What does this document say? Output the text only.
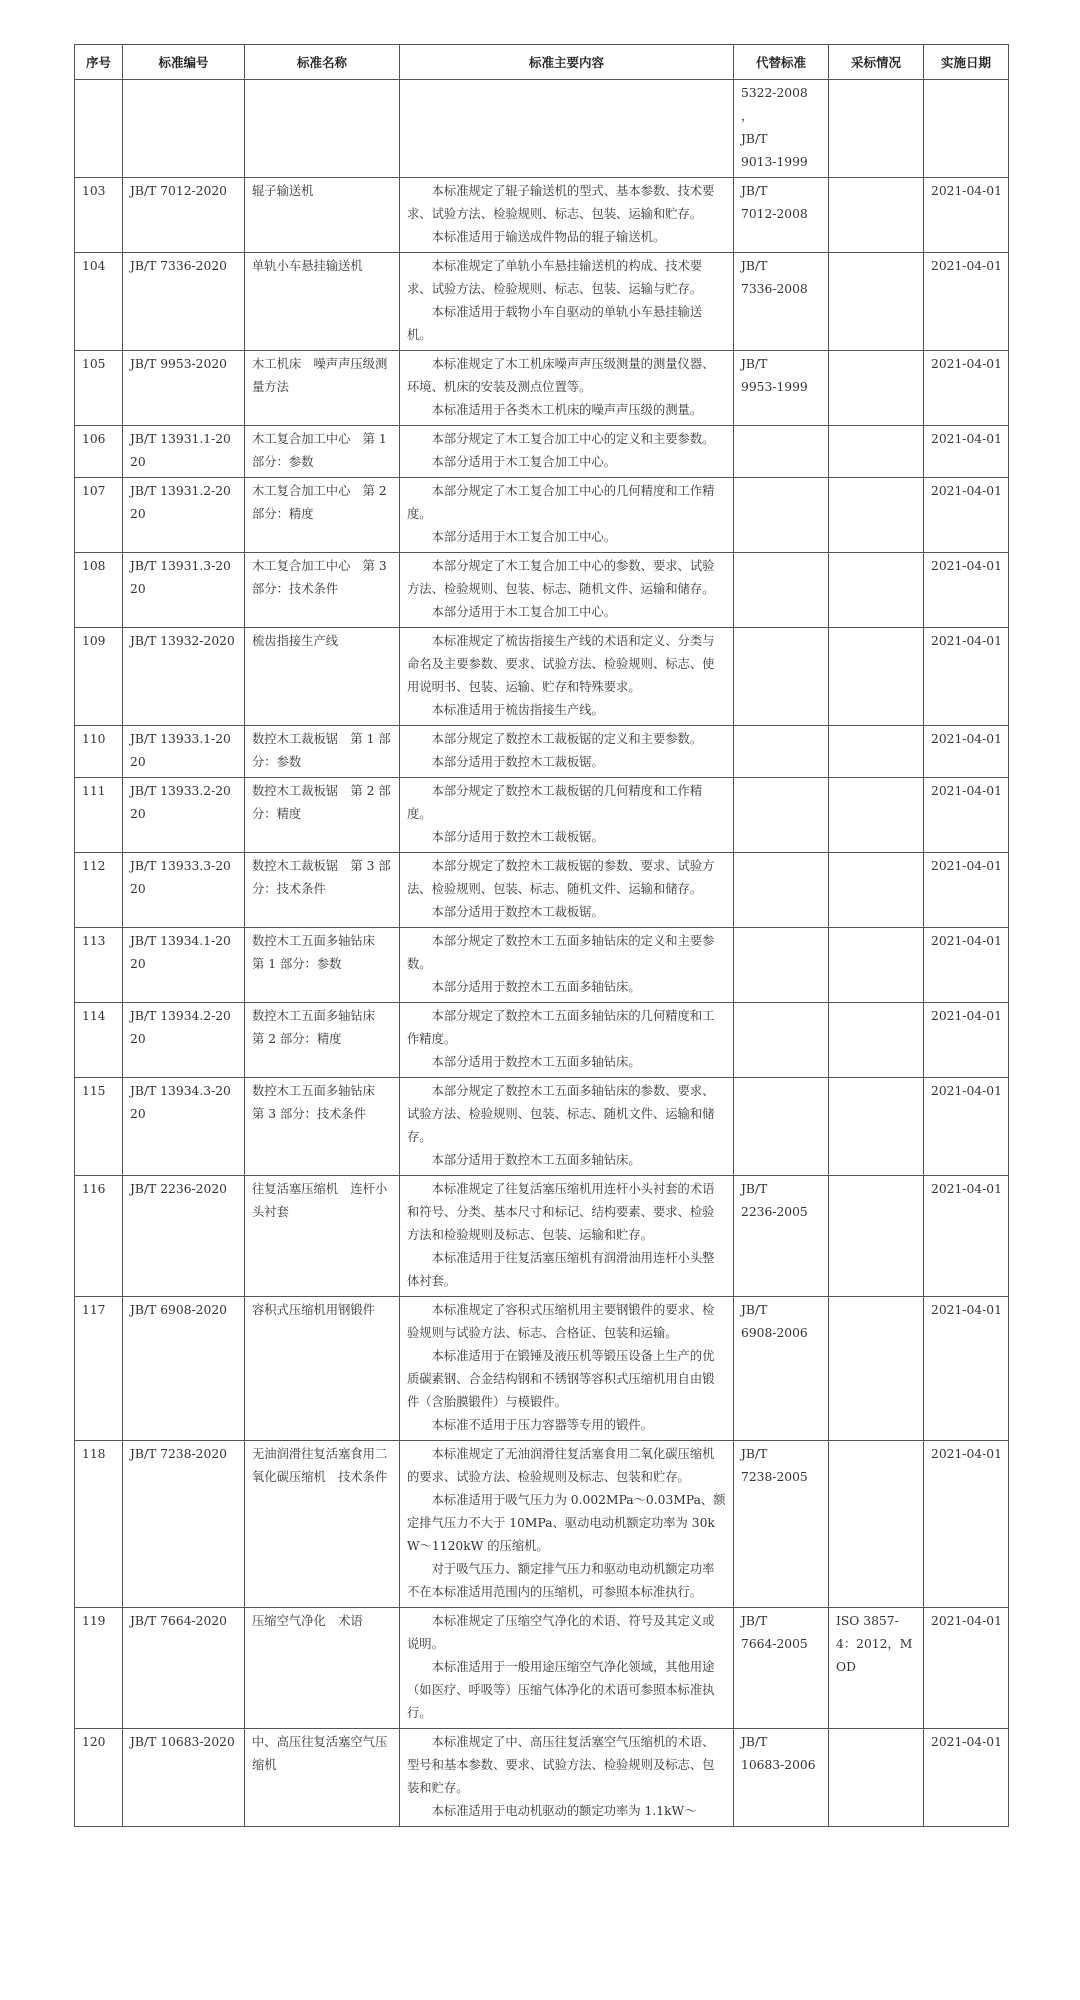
序号	标准编号	标准名称	标准主要内容	代替标准	采标情况	实施日期

				5322-2008 ，
JB/T
9013-1999		

103	JB/T 7012-2020	辊子输送机	本标准规定了辊子输送机的型式、基本参数、技术要求、试验方法、检验规则、标志、包装、运输和贮存。
本标准适用于输送成件物品的辊子输送机。	JB/T
7012-2008		2021-04-01
104	JB/T 7336-2020	单轨小车悬挂输送机	本标准规定了单轨小车悬挂输送机的构成、技术要求、试验方法、检验规则、标志、包装、运输与贮存。
本标准适用于载物小车自驱动的单轨小车悬挂输送机。	JB/T
7336-2008		2021-04-01
105	JB/T 9953-2020	木工机床　噪声声压级测量方法	本标准规定了木工机床噪声声压级测量的测量仪器、环境、机床的安装及测点位置等。
本标准适用于各类木工机床的噪声声压级的测量。	JB/T
9953-1999		2021-04-01
106	JB/T 13931.1-2020	木工复合加工中心　第 1 部分：参数	本部分规定了木工复合加工中心的定义和主要参数。
本部分适用于木工复合加工中心。			2021-04-01
107	JB/T 13931.2-2020	木工复合加工中心　第 2 部分：精度	本部分规定了木工复合加工中心的几何精度和工作精度。
本部分适用于木工复合加工中心。			2021-04-01
108	JB/T 13931.3-2020	木工复合加工中心　第 3 部分：技术条件	本部分规定了木工复合加工中心的参数、要求、试验方法、检验规则、包装、标志、随机文件、运输和储存。
本部分适用于木工复合加工中心。			2021-04-01
109	JB/T 13932-2020	梳齿指接生产线	本标准规定了梳齿指接生产线的术语和定义、分类与命名及主要参数、要求、试验方法、检验规则、标志、使用说明书、包装、运输、贮存和特殊要求。
本标准适用于梳齿指接生产线。			2021-04-01
110	JB/T 13933.1-2020	数控木工裁板锯　第 1 部分：参数	本部分规定了数控木工裁板锯的定义和主要参数。
本部分适用于数控木工裁板锯。			2021-04-01
111	JB/T 13933.2-2020	数控木工裁板锯　第 2 部分：精度	本部分规定了数控木工裁板锯的几何精度和工作精度。
本部分适用于数控木工裁板锯。			2021-04-01
112	JB/T 13933.3-2020	数控木工裁板锯　第 3 部分：技术条件	本部分规定了数控木工裁板锯的参数、要求、试验方法、检验规则、包装、标志、随机文件、运输和储存。
本部分适用于数控木工裁板锯。			2021-04-01
113	JB/T 13934.1-2020	数控木工五面多轴钻床　第 1 部分：参数	本部分规定了数控木工五面多轴钻床的定义和主要参数。
本部分适用于数控木工五面多轴钻床。			2021-04-01
114	JB/T 13934.2-2020	数控木工五面多轴钻床　第 2 部分：精度	本部分规定了数控木工五面多轴钻床的几何精度和工作精度。
本部分适用于数控木工五面多轴钻床。			2021-04-01
115	JB/T 13934.3-2020	数控木工五面多轴钻床　第 3 部分：技术条件	本部分规定了数控木工五面多轴钻床的参数、要求、试验方法、检验规则、包装、标志、随机文件、运输和储存。
本部分适用于数控木工五面多轴钻床。			2021-04-01
116	JB/T 2236-2020	往复活塞压缩机　连杆小头衬套	本标准规定了往复活塞压缩机用连杆小头衬套的术语和符号、分类、基本尺寸和标记、结构要素、要求、检验方法和检验规则及标志、包装、运输和贮存。
本标准适用于往复活塞压缩机有润滑油用连杆小头整体衬套。	JB/T
2236-2005		2021-04-01
117	JB/T 6908-2020	容积式压缩机用钢锻件	本标准规定了容积式压缩机用主要钢锻件的要求、检验规则与试验方法、标志、合格证、包装和运输。
本标准适用于在锻锤及液压机等锻压设备上生产的优质碳素钢、合金结构钢和不锈钢等容积式压缩机用自由锻件（含胎膜锻件）与模锻件。
本标准不适用于压力容器等专用的锻件。	JB/T
6908-2006		2021-04-01
118	JB/T 7238-2020	无油润滑往复活塞食用二氧化碳压缩机　技术条件	本标准规定了无油润滑往复活塞食用二氧化碳压缩机的要求、试验方法、检验规则及标志、包装和贮存。
本标准适用于吸气压力为 0.002MPa～0.03MPa、额定排气压力不大于 10MPa、驱动电动机额定功率为 30kW～1120kW 的压缩机。
对于吸气压力、额定排气压力和驱动电动机额定功率不在本标准适用范围内的压缩机，可参照本标准执行。	JB/T
7238-2005		2021-04-01
119	JB/T 7664-2020	压缩空气净化　术语	本标准规定了压缩空气净化的术语、符号及其定义或说明。
本标准适用于一般用途压缩空气净化领域，其他用途（如医疗、呼吸等）压缩气体净化的术语可参照本标准执行。	JB/T
7664-2005	ISO 3857-4：2012，MOD	2021-04-01
120	JB/T 10683-2020	中、高压往复活塞空气压缩机	本标准规定了中、高压往复活塞空气压缩机的术语、型号和基本参数、要求、试验方法、检验规则及标志、包装和贮存。
本标准适用于电动机驱动的额定功率为 1.1kW～	JB/T
10683-2006		2021-04-01
